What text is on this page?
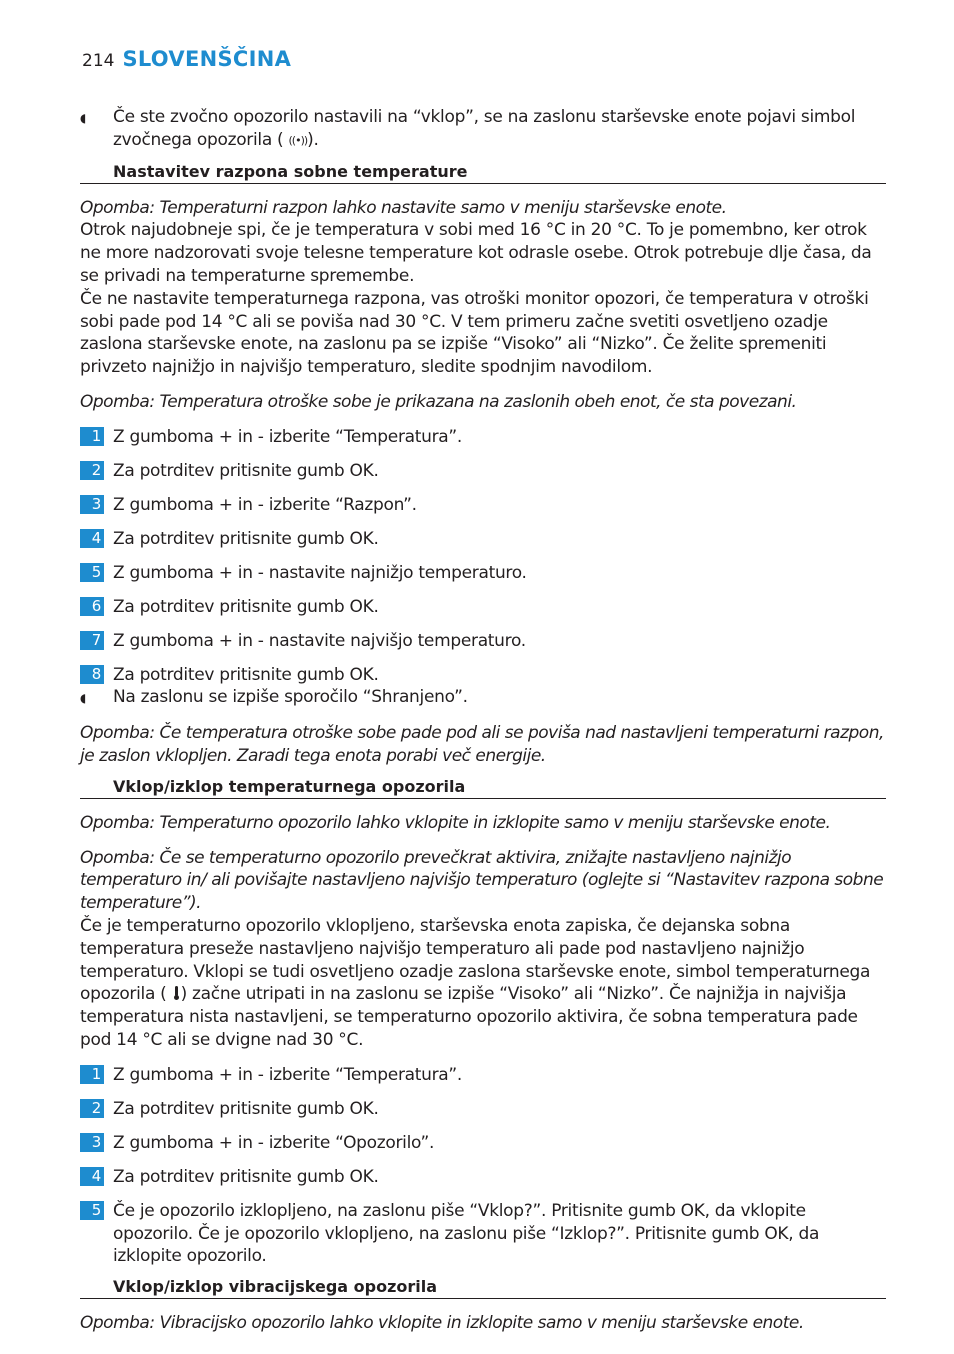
214 SLOVENŠČINA
◖	Če ste zvočno opozorilo nastavili na “vklop”, se na zaslonu starševske enote pojavi simbol zvočnega opozorila ( ((•))).
Nastavitev razpona sobne temperature

Opomba: Temperaturni razpon lahko nastavite samo v meniju starševske enote.

Otrok najudobneje spi, če je temperatura v sobi med 16 °C in 20 °C. To je pomembno, ker otrok ne more nadzorovati svoje telesne temperature kot odrasle osebe. Otrok potrebuje dlje časa, da se privadi na temperaturne spremembe.

Če ne nastavite temperaturnega razpona, vas otroški monitor opozori, če temperatura v otroški sobi pade pod 14 °C ali se poviša nad 30 °C. V tem primeru začne svetiti osvetljeno ozadje zaslona starševske enote, na zaslonu pa se izpiše “Visoko” ali “Nizko”. Če želite spremeniti privzeto najnižjo in najvišjo temperaturo, sledite spodnjim navodilom.

Opomba: Temperatura otroške sobe je prikazana na zaslonih obeh enot, če sta povezani.

1 Z gumboma + in - izberite “Temperatura”.
2 Za potrditev pritisnite gumb OK.
3 Z gumboma + in - izberite “Razpon”.
4 Za potrditev pritisnite gumb OK.
5 Z gumboma + in - nastavite najnižjo temperaturo.
6 Za potrditev pritisnite gumb OK.
7 Z gumboma + in - nastavite najvišjo temperaturo.
8 Za potrditev pritisnite gumb OK.
◖	Na zaslonu se izpiše sporočilo “Shranjeno”.

Opomba: Če temperatura otroške sobe pade pod ali se poviša nad nastavljeni temperaturni razpon, je zaslon vklopljen. Zaradi tega enota porabi več energije.

Vklop/izklop temperaturnega opozorila

Opomba: Temperaturno opozorilo lahko vklopite in izklopite samo v meniju starševske enote.

Opomba: Če se temperaturno opozorilo prevečkrat aktivira, znižajte nastavljeno najnižjo temperaturo in/ ali povišajte nastavljeno najvišjo temperaturo (oglejte si “Nastavitev razpona sobne temperature”).

Če je temperaturno opozorilo vklopljeno, starševska enota zapiska, če dejanska sobna temperatura preseže nastavljeno najvišjo temperaturo ali pade pod nastavljeno najnižjo temperaturo. Vklopi se tudi osvetljeno ozadje zaslona starševske enote, simbol temperaturnega opozorila ( ) začne utripati in na zaslonu se izpiše “Visoko” ali “Nizko”. Če najnižja in najvišja temperatura nista nastavljeni, se temperaturno opozorilo aktivira, če sobna temperatura pade pod 14 °C ali se dvigne nad 30 °C.

1 Z gumboma + in - izberite “Temperatura”.
2 Za potrditev pritisnite gumb OK.
3 Z gumboma + in - izberite “Opozorilo”.
4 Za potrditev pritisnite gumb OK.
5 Če je opozorilo izklopljeno, na zaslonu piše “Vklop?”. Pritisnite gumb OK, da vklopite opozorilo. Če je opozorilo vklopljeno, na zaslonu piše “Izklop?”. Pritisnite gumb OK, da izklopite opozorilo.
Vklop/izklop vibracijskega opozorila

Opomba: Vibracijsko opozorilo lahko vklopite in izklopite samo v meniju starševske enote.
